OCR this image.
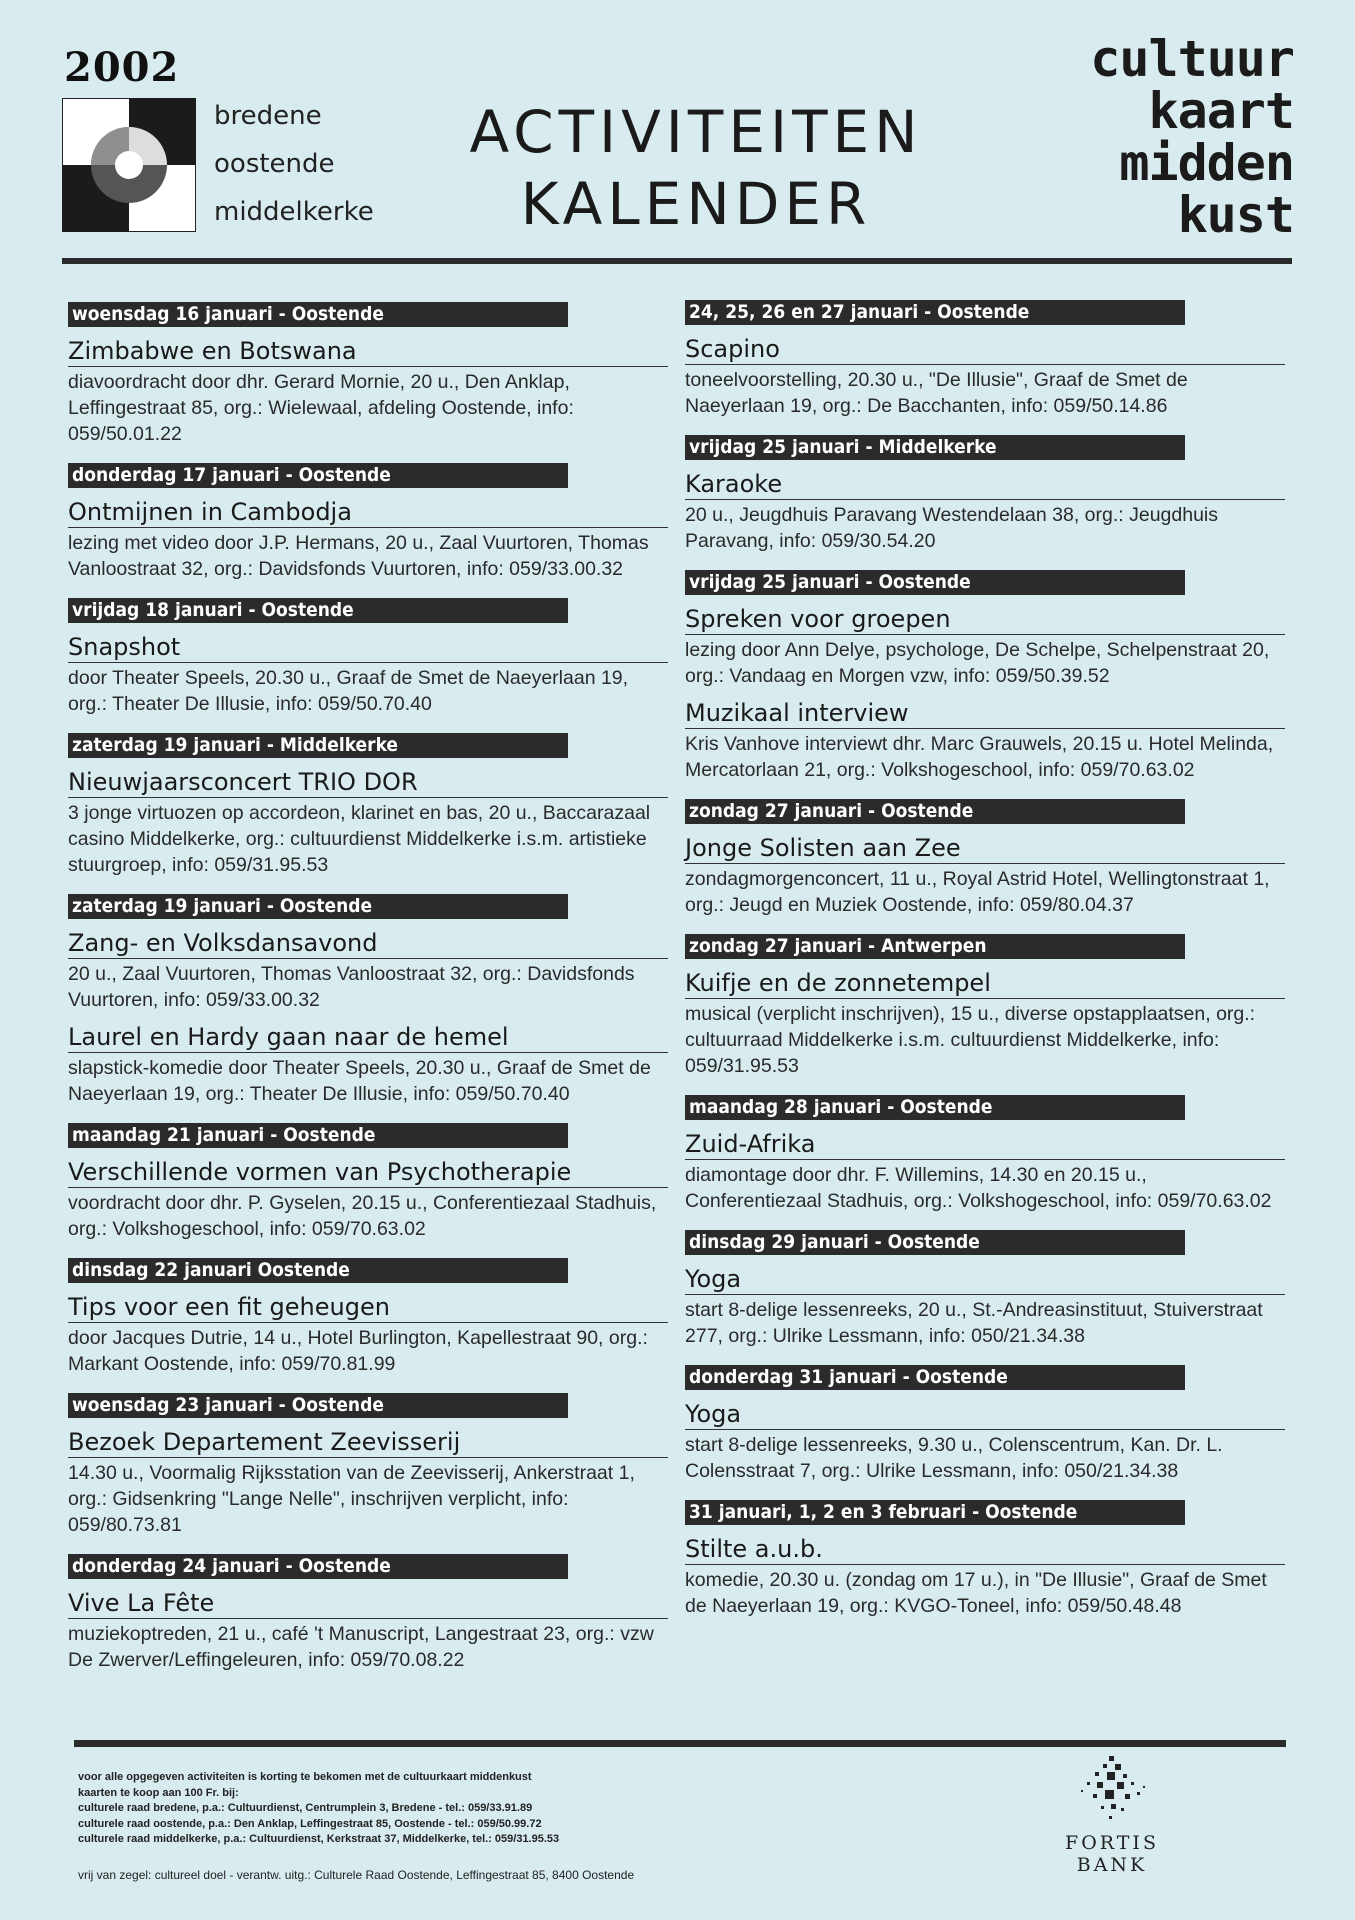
2002
bredene
oostende
middelkerke
ACTIVITEITEN
KALENDER
cultuur
kaart
midden
kust
woensdag 16 januari - Oostende
Zimbabwe en Botswana
diavoordracht door dhr. Gerard Mornie, 20 u., Den Anklap, Leffingestraat 85, org.: Wielewaal, afdeling Oostende, info: 059/50.01.22
donderdag 17 januari - Oostende
Ontmijnen in Cambodja
lezing met video door J.P. Hermans, 20 u., Zaal Vuurtoren, Thomas Vanloostraat 32, org.: Davidsfonds Vuurtoren, info: 059/33.00.32
vrijdag 18 januari - Oostende
Snapshot
door Theater Speels, 20.30 u., Graaf de Smet de Naeyerlaan 19, org.: Theater De Illusie, info: 059/50.70.40
zaterdag 19 januari - Middelkerke
Nieuwjaarsconcert TRIO DOR
3 jonge virtuozen op accordeon, klarinet en bas, 20 u., Baccarazaal casino Middelkerke, org.: cultuurdienst Middelkerke i.s.m. artistieke stuurgroep, info: 059/31.95.53
zaterdag 19 januari - Oostende
Zang- en Volksdansavond
20 u., Zaal Vuurtoren, Thomas Vanloostraat 32, org.: Davidsfonds Vuurtoren, info: 059/33.00.32
Laurel en Hardy gaan naar de hemel
slapstick-komedie door Theater Speels, 20.30 u., Graaf de Smet de Naeyerlaan 19, org.: Theater De Illusie, info: 059/50.70.40
maandag 21 januari - Oostende
Verschillende vormen van Psychotherapie
voordracht door dhr. P. Gyselen, 20.15 u., Conferentiezaal Stadhuis, org.: Volkshogeschool, info: 059/70.63.02
dinsdag 22 januari Oostende
Tips voor een fit geheugen
door Jacques Dutrie, 14 u., Hotel Burlington, Kapellestraat 90, org.: Markant Oostende, info: 059/70.81.99
woensdag 23 januari - Oostende
Bezoek Departement Zeevisserij
14.30 u., Voormalig Rijksstation van de Zeevisserij, Ankerstraat 1, org.: Gidsenkring "Lange Nelle", inschrijven verplicht, info: 059/80.73.81
donderdag 24 januari - Oostende
Vive La Fête
muziekoptreden, 21 u., café 't Manuscript, Langestraat 23, org.: vzw De Zwerver/Leffingeleuren, info: 059/70.08.22
24, 25, 26 en 27 januari - Oostende
Scapino
toneelvoorstelling, 20.30 u., "De Illusie", Graaf de Smet de Naeyerlaan 19, org.: De Bacchanten, info: 059/50.14.86
vrijdag 25 januari - Middelkerke
Karaoke
20 u., Jeugdhuis Paravang Westendelaan 38, org.: Jeugdhuis Paravang, info: 059/30.54.20
vrijdag 25 januari - Oostende
Spreken voor groepen
lezing door Ann Delye, psychologe, De Schelpe, Schelpenstraat 20, org.: Vandaag en Morgen vzw, info: 059/50.39.52
Muzikaal interview
Kris Vanhove interviewt dhr. Marc Grauwels, 20.15 u. Hotel Melinda, Mercatorlaan 21, org.: Volkshogeschool, info: 059/70.63.02
zondag 27 januari - Oostende
Jonge Solisten aan Zee
zondagmorgenconcert, 11 u., Royal Astrid Hotel, Wellingtonstraat 1, org.: Jeugd en Muziek Oostende, info: 059/80.04.37
zondag 27 januari - Antwerpen
Kuifje en de zonnetempel
musical (verplicht inschrijven), 15 u., diverse opstapplaatsen, org.: cultuurraad Middelkerke i.s.m. cultuurdienst Middelkerke, info: 059/31.95.53
maandag 28 januari - Oostende
Zuid-Afrika
diamontage door dhr. F. Willemins, 14.30 en 20.15 u., Conferentiezaal Stadhuis, org.: Volkshogeschool, info: 059/70.63.02
dinsdag 29 januari - Oostende
Yoga
start 8-delige lessenreeks, 20 u., St.-Andreasinstituut, Stuiverstraat 277, org.: Ulrike Lessmann, info: 050/21.34.38
donderdag 31 januari - Oostende
Yoga
start 8-delige lessenreeks, 9.30 u., Colenscentrum, Kan. Dr. L. Colensstraat 7, org.: Ulrike Lessmann, info: 050/21.34.38
31 januari, 1, 2 en 3 februari - Oostende
Stilte a.u.b.
komedie, 20.30 u. (zondag om 17 u.), in "De Illusie", Graaf de Smet de Naeyerlaan 19, org.: KVGO-Toneel, info: 059/50.48.48
voor alle opgegeven activiteiten is korting te bekomen met de cultuurkaart middenkust
kaarten te koop aan 100 Fr. bij:
culturele raad bredene, p.a.: Cultuurdienst, Centrumplein 3, Bredene - tel.: 059/33.91.89
culturele raad oostende, p.a.: Den Anklap, Leffingestraat 85, Oostende - tel.: 059/50.99.72
culturele raad middelkerke, p.a.: Cultuurdienst, Kerkstraat 37, Middelkerke, tel.: 059/31.95.53
vrij van zegel: cultureel doel - verantw. uitg.: Culturele Raad Oostende, Leffingestraat 85, 8400 Oostende
FORTIS
BANK
